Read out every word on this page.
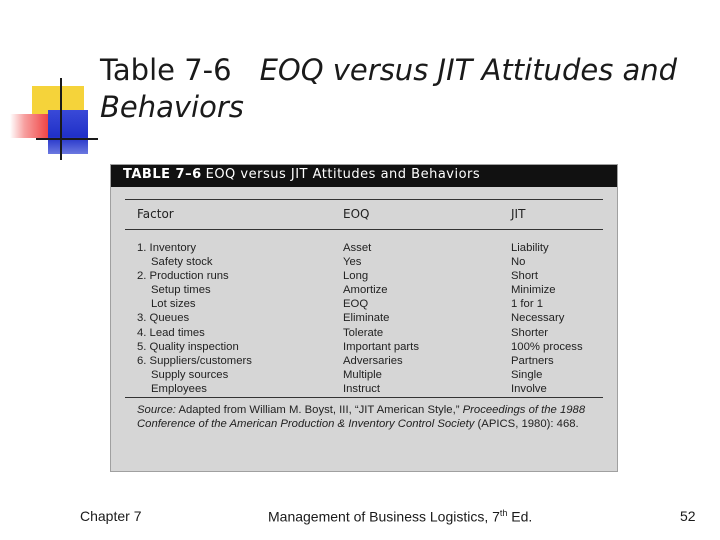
Table 7-6 EOQ versus JIT Attitudes and Behaviors
TABLE 7–6 EOQ versus JIT Attitudes and Behaviors
Factor	EOQ	JIT
1. Inventory	Asset	Liability
Safety stock	Yes	No
2. Production runs	Long	Short
Setup times	Amortize	Minimize
Lot sizes	EOQ	1 for 1
3. Queues	Eliminate	Necessary
4. Lead times	Tolerate	Shorter
5. Quality inspection	Important parts	100% process
6. Suppliers/customers	Adversaries	Partners
Supply sources	Multiple	Single
Employees	Instruct	Involve
Source: Adapted from William M. Boyst, III, “JIT American Style,” Proceedings of the 1988 Conference of the American Production & Inventory Control Society (APICS, 1980): 468.
Chapter 7	Management of Business Logistics, 7th Ed.	52
